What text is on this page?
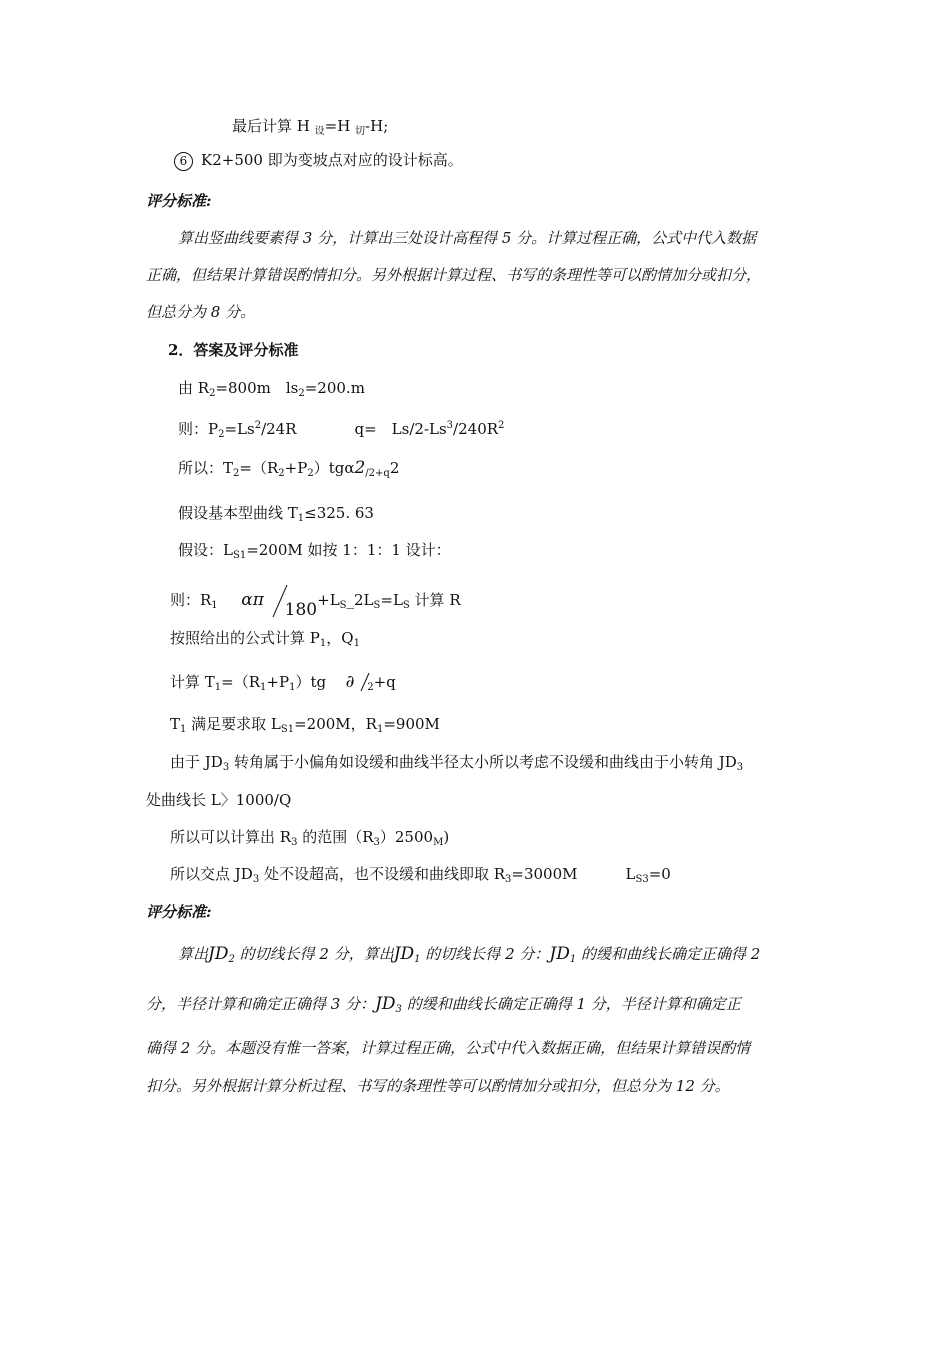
最后计算 H $_设$=H $_切$-H;
6 K2+500 即为变坡点对应的设计标高。
评分标准:
算出竖曲线要素得 3 分，计算出三处设计高程得 5 分。计算过程正确，公式中代入数据
正确，但结果计算错误酌情扣分。另外根据计算过程、书写的条理性等可以酌情加分或扣分，
但总分为 8 分。
2．答案及评分标准
由 $R_2=800m$　$ls_2=200.m$
则：$P_2=Ls^2/24R$	q=　$Ls/2-Ls^3/240R^2$
所以：$T_2=(R_2+P_2)tg\alpha 2_{/2+q}2$
假设基本型曲线 $T_1\le 325$. 63
假设：$L_{S1}=200M$ 如按 1：1：1 设计：
则：$R_1$ απ $180+L_S\_2L_S=L_S$ 计算 R
按照给出的公式计算 $P_1$，$Q_1$
计算 $T_1=(R_1+P_1)tg$ ∂ $_2$+q
$T_1$ 满足要求取 $L_{S1}=200M$，$R_1=900M$
由于 $JD_3$ 转角属于小偏角如设缓和曲线半径太小所以考虑不设缓和曲线由于小转角 $JD_3$
处曲线长 L〉1000/Q
所以可以计算出 $R_3$ 的范围$(R_3)2500_M$)
所以交点 $JD_3$ 处不设超高，也不设缓和曲线即取 $R_3=3000M$	$L_{S3}=0$
评分标准:
算出$JD_2$ 的切线长得 2 分，算出$JD_1$ 的切线长得 2 分：$JD_1$ 的缓和曲线长确定正确得 2
分，半径计算和确定正确得 3 分：$JD_3$ 的缓和曲线长确定正确得 1 分，半径计算和确定正
确得 2 分。本题没有惟一答案，计算过程正确，公式中代入数据正确，但结果计算错误酌情
扣分。另外根据计算分析过程、书写的条理性等可以酌情加分或扣分，但总分为 12 分。
